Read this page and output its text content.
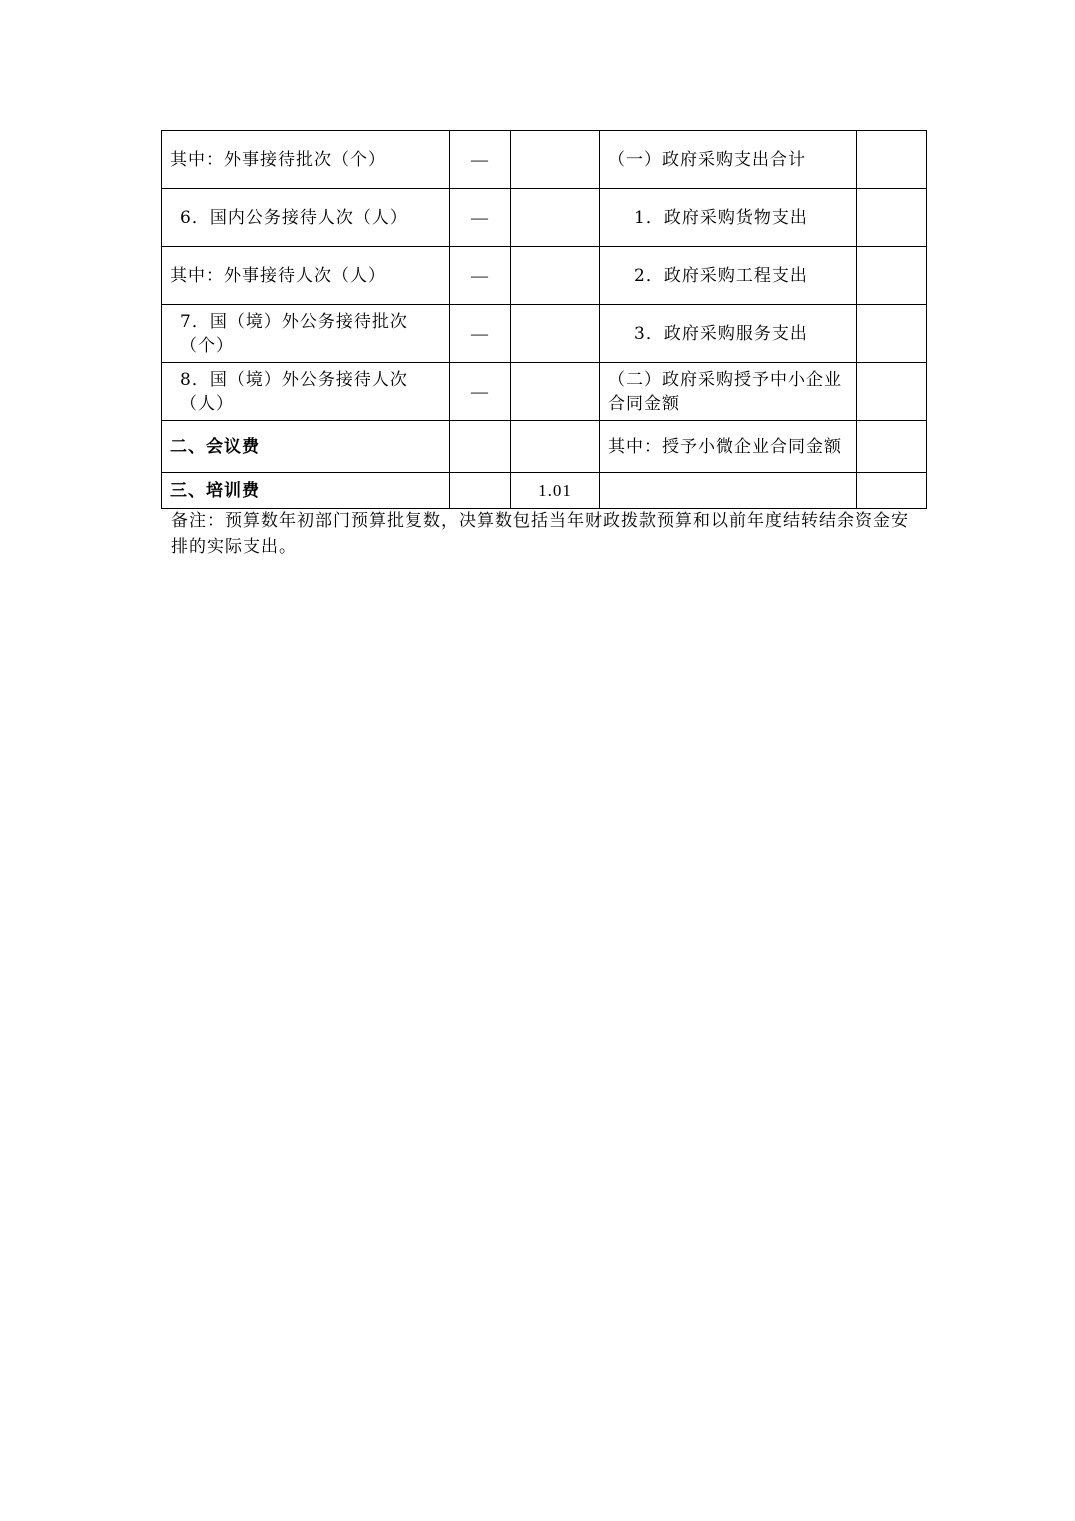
其中：外事接待批次（个）	—		（一）政府采购支出合计	
6．国内公务接待人次（人）	—		1．政府采购货物支出	
其中：外事接待人次（人）	—		2．政府采购工程支出	
7．国（境）外公务接待批次（个）	—		3．政府采购服务支出	
8．国（境）外公务接待人次（人）	—		（二）政府采购授予中小企业合同金额	
二、会议费			其中：授予小微企业合同金额	
三、培训费		1.01		
备注：预算数年初部门预算批复数，决算数包括当年财政拨款预算和以前年度结转结余资金安排的实际支出。
